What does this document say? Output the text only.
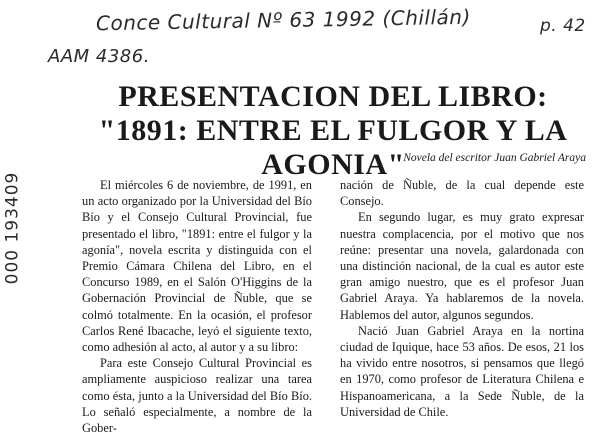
Conce Cultural Nº 63 1992 (Chillán)	p. 42
AAM 4386.
000 193409
PRESENTACION DEL LIBRO: "1891: ENTRE EL FULGOR Y LA AGONIA"

Novela del escritor Juan Gabriel Araya

El miércoles 6 de noviembre, de 1991, en un acto organizado por la Universidad del Bío Bío y el Consejo Cultural Provincial, fue presentado el libro, "1891: entre el fulgor y la agonía", novela escrita y distinguida con el Premio Cámara Chilena del Libro, en el Concurso 1989, en el Salón O'Higgins de la Gobernación Provincial de Ñuble, que se colmó totalmente. En la ocasión, el profesor Carlos René Ibacache, leyó el siguiente texto, como adhesión al acto, al autor y a su libro:

Para este Consejo Cultural Provincial es ampliamente auspicioso realizar una tarea como ésta, junto a la Universidad del Bío Bío. Lo señaló especialmente, a nombre de la Gober-

nación de Ñuble, de la cual depende este Consejo.

En segundo lugar, es muy grato expresar nuestra complacencia, por el motivo que nos reúne: presentar una novela, galardonada con una distinción nacional, de la cual es autor este gran amigo nuestro, que es el profesor Juan Gabriel Araya. Ya hablaremos de la novela. Hablemos del autor, algunos segundos.

Nació Juan Gabriel Araya en la nortina ciudad de Iquique, hace 53 años. De esos, 21 los ha vivido entre nosotros, si pensamos que llegó en 1970, como profesor de Literatura Chilena e Hispanoamericana, a la Sede Ñuble, de la Universidad de Chile.
